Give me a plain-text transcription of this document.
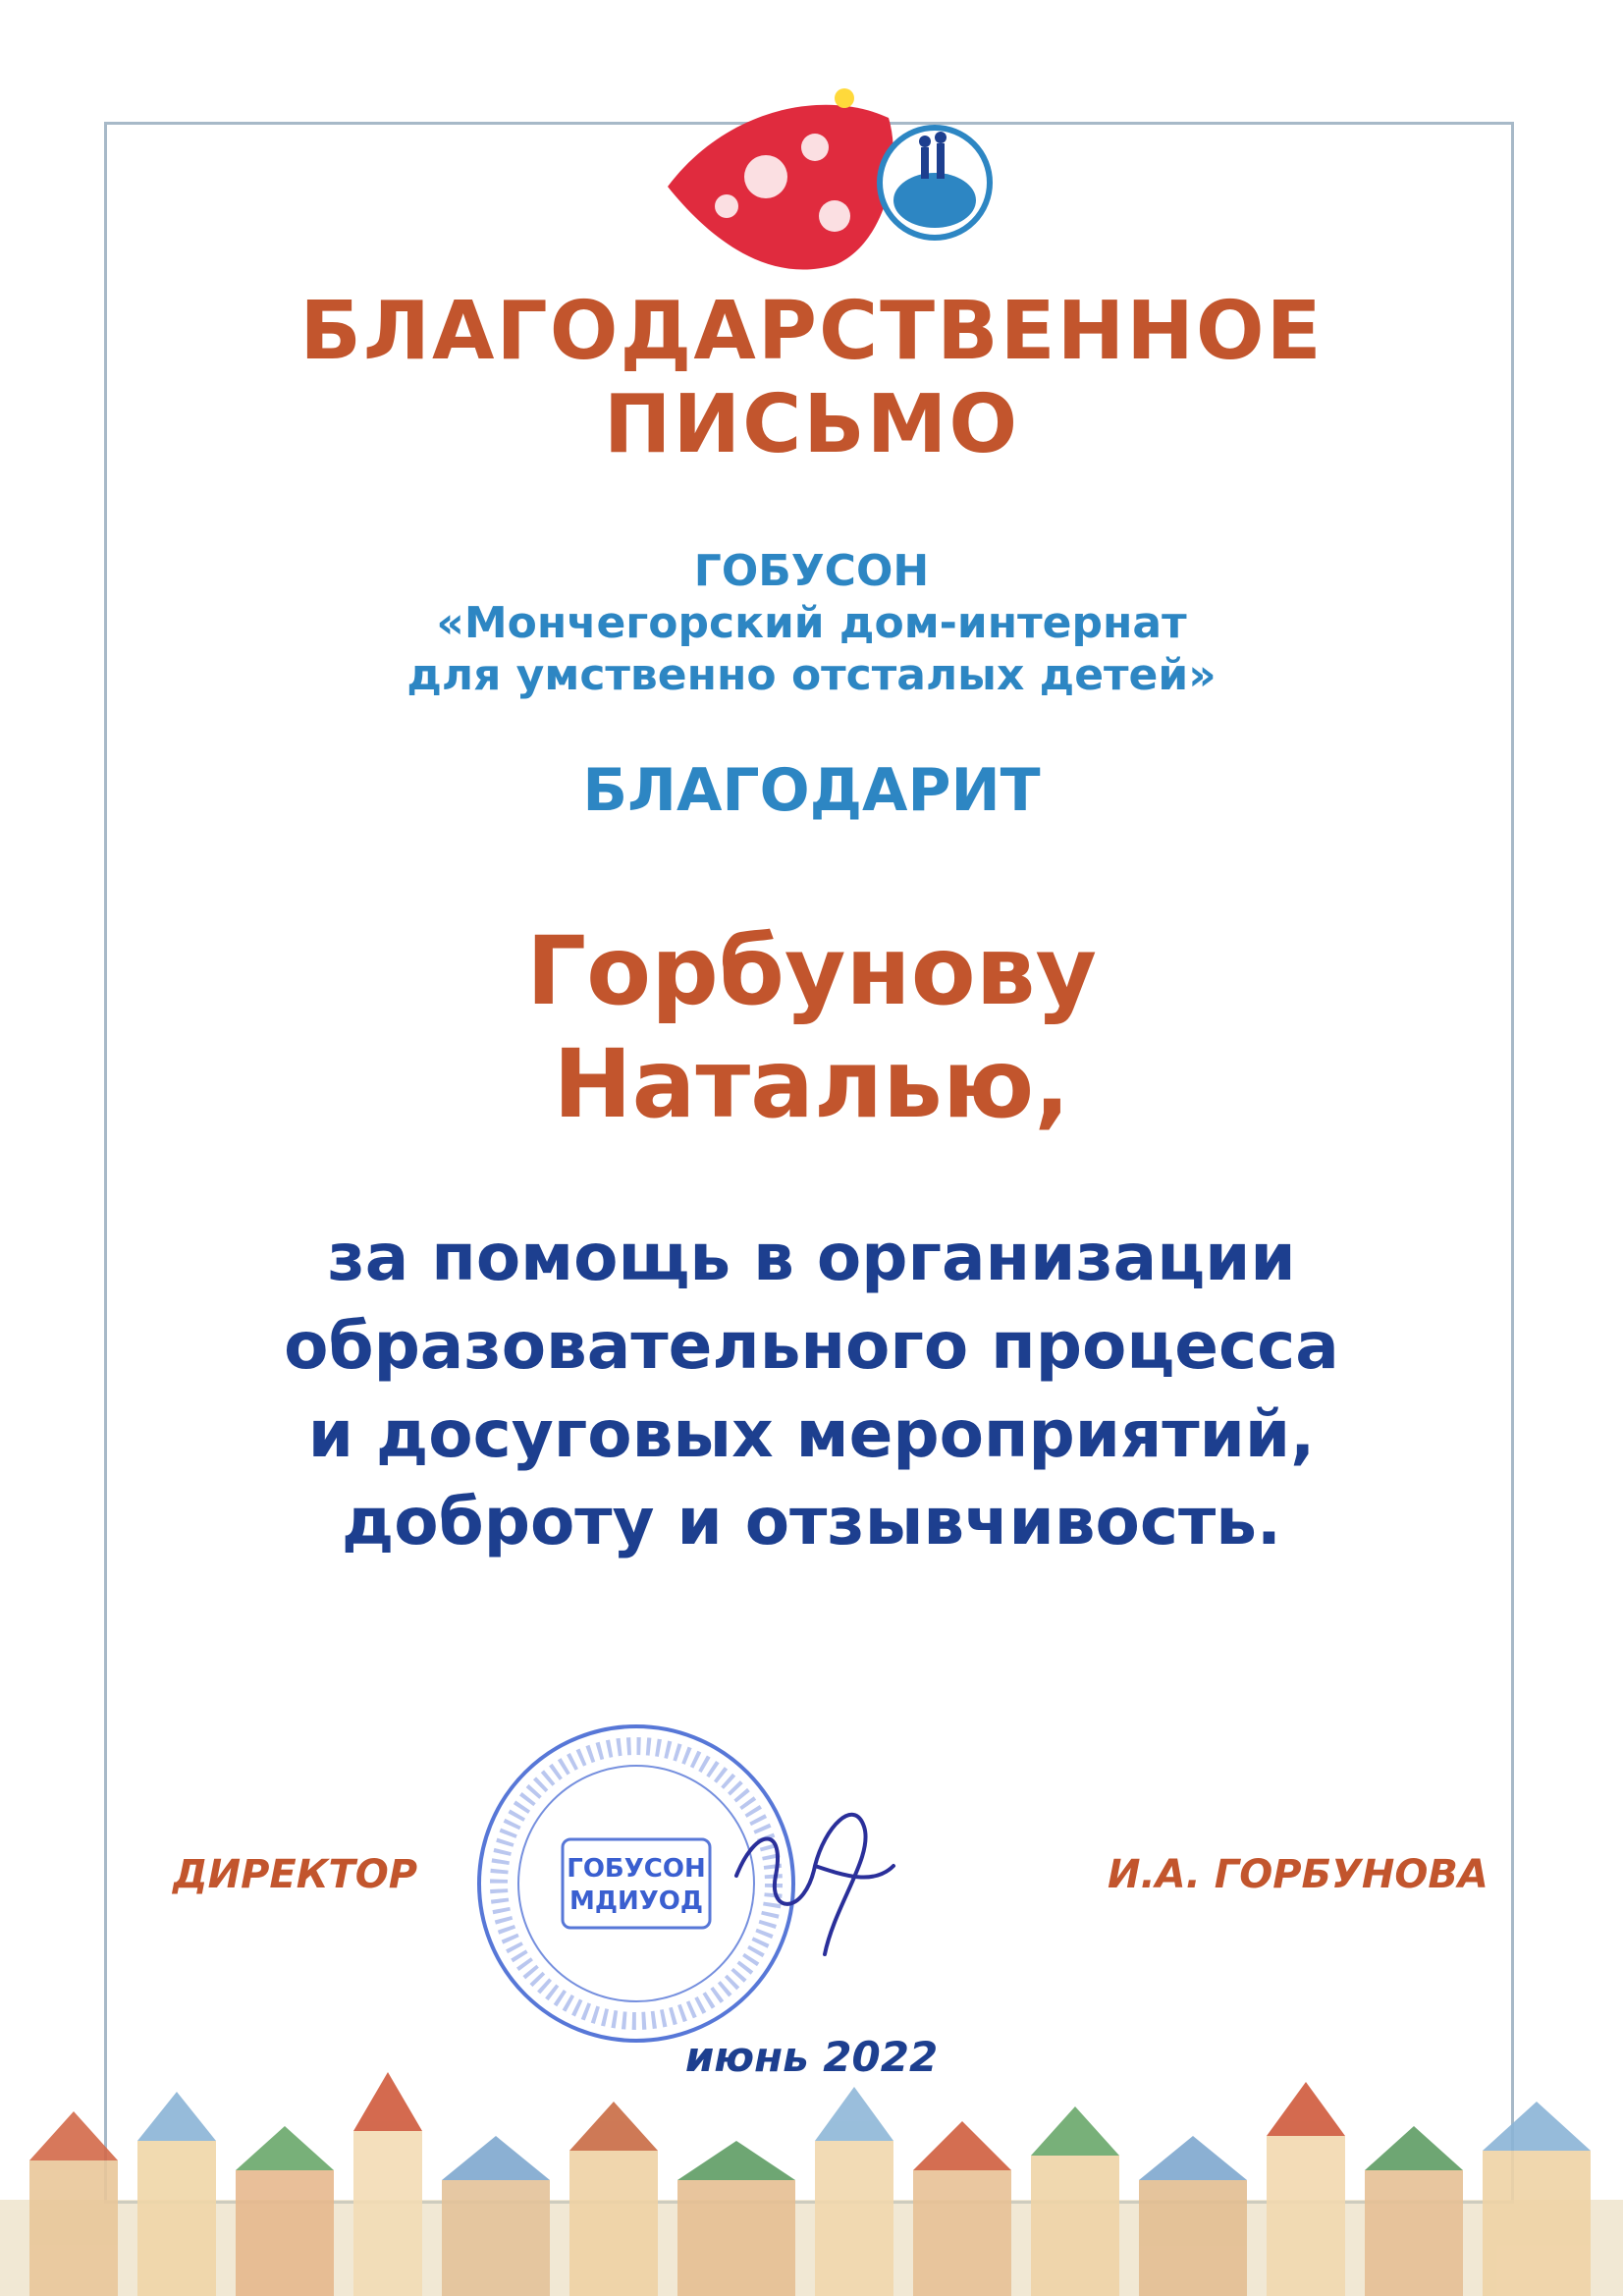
БЛАГОДАРСТВЕННОЕ
ПИСЬМО
ГОБУСОН
«Мончегорский дом-интернат
для умственно отсталых детей»
БЛАГОДАРИТ
Горбунову
Наталью,
за помощь в организации
образовательного процесса
и досуговых мероприятий,
доброту и отзывчивость.
ДИРЕКТОР	И.А. ГОРБУНОВА
ГОБУСОН
МДИУОД
июнь 2022
